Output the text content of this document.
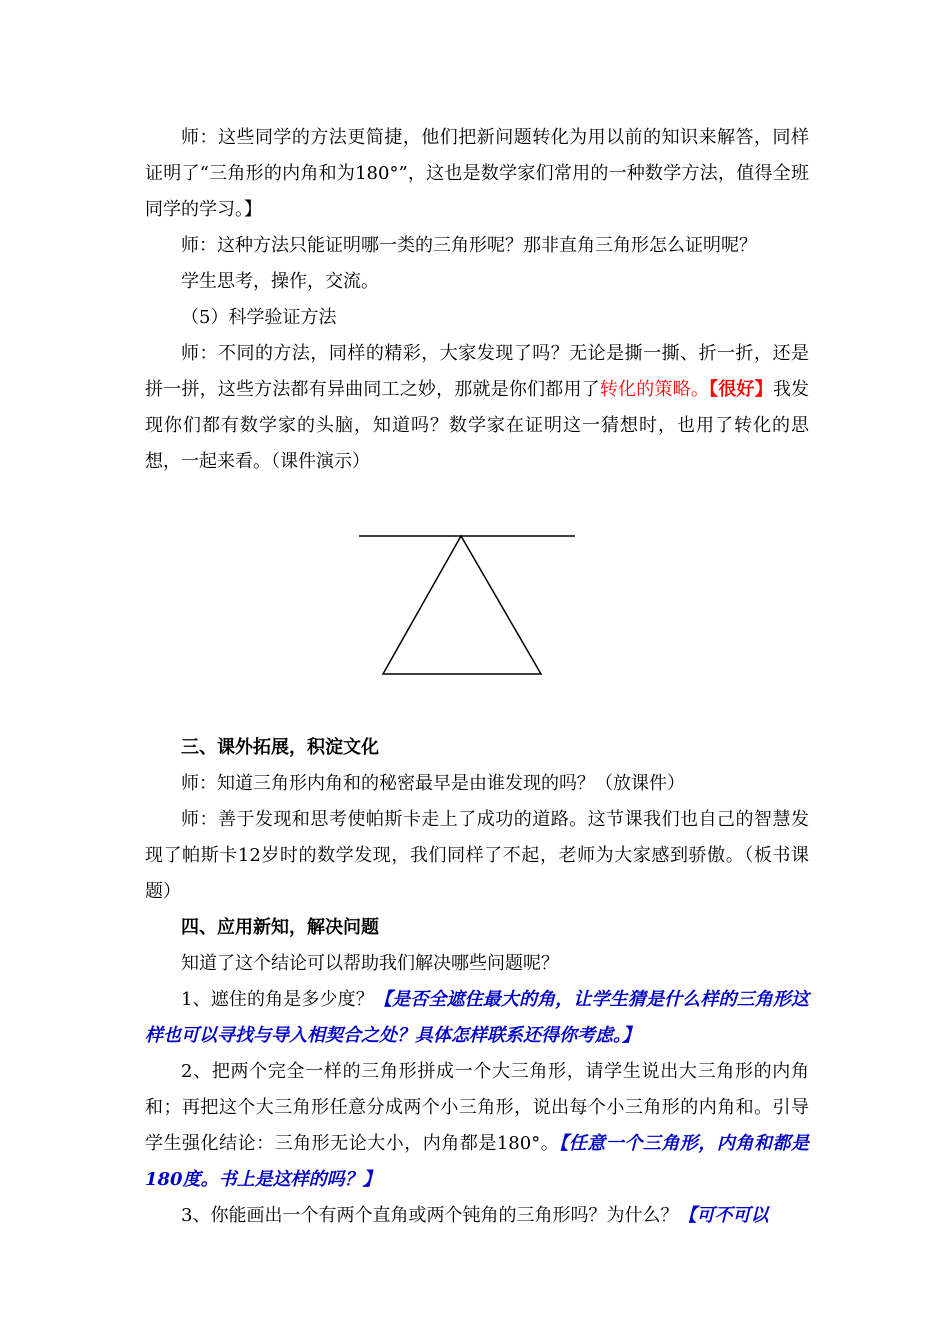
师：这些同学的方法更简捷，他们把新问题转化为用以前的知识来解答，同样证明了“三角形的内角和为180°”，这也是数学家们常用的一种数学方法，值得全班同学的学习。】

师：这种方法只能证明哪一类的三角形呢？那非直角三角形怎么证明呢？

学生思考，操作，交流。

（5）科学验证方法

师：不同的方法，同样的精彩，大家发现了吗？无论是撕一撕、折一折，还是拼一拼，这些方法都有异曲同工之妙，那就是你们都用了转化的策略。【很好】我发现你们都有数学家的头脑，知道吗？数学家在证明这一猜想时，也用了转化的思想，一起来看。（课件演示）

三、课外拓展，积淀文化

师：知道三角形内角和的秘密最早是由谁发现的吗？（放课件）

师：善于发现和思考使帕斯卡走上了成功的道路。这节课我们也自己的智慧发现了帕斯卡12岁时的数学发现，我们同样了不起，老师为大家感到骄傲。（板书课题）

四、应用新知，解决问题

知道了这个结论可以帮助我们解决哪些问题呢？

1、遮住的角是多少度？【是否全遮住最大的角，让学生猜是什么样的三角形这样也可以寻找与导入相契合之处？具体怎样联系还得你考虑。】

2、把两个完全一样的三角形拼成一个大三角形，请学生说出大三角形的内角和；再把这个大三角形任意分成两个小三角形，说出每个小三角形的内角和。引导学生强化结论：三角形无论大小，内角都是180°。【任意一个三角形，内角和都是180度。书上是这样的吗？】

3、你能画出一个有两个直角或两个钝角的三角形吗？为什么？【可不可以
